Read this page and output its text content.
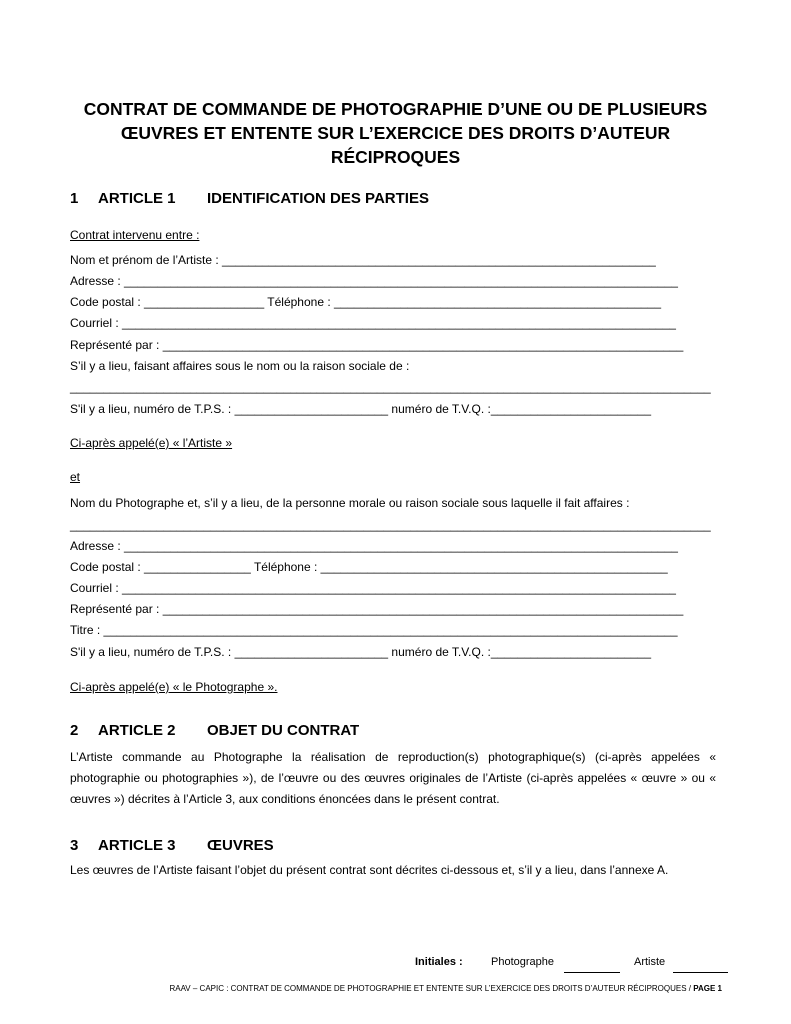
CONTRAT DE COMMANDE DE PHOTOGRAPHIE D’UNE OU DE PLUSIEURS
ŒUVRES ET ENTENTE SUR L’EXERCICE DES DROITS D’AUTEUR
RÉCIPROQUES
1 ARTICLE 1 IDENTIFICATION DES PARTIES
Contrat intervenu entre :
Nom et prénom de l’Artiste : _________________________________________________________________
Adresse : ___________________________________________________________________________________
Code postal : __________________ Téléphone : _________________________________________________
Courriel : ___________________________________________________________________________________
Représenté par : ______________________________________________________________________________
S’il y a lieu, faisant affaires sous le nom ou la raison sociale de :
________________________________________________________________________________________________
S'il y a lieu, numéro de T.P.S. : _______________________ numéro de T.V.Q. :________________________
Ci-après appelé(e) « l’Artiste »
et
Nom du Photographe et, s’il y a lieu, de la personne morale ou raison sociale sous laquelle il fait affaires :
________________________________________________________________________________________________
Adresse : ___________________________________________________________________________________
Code postal : ________________ Téléphone : ____________________________________________________
Courriel : ___________________________________________________________________________________
Représenté par : ______________________________________________________________________________
Titre : ______________________________________________________________________________________
S'il y a lieu, numéro de T.P.S. : _______________________ numéro de T.V.Q. :________________________
Ci-après appelé(e) « le Photographe ».
2 ARTICLE 2 OBJET DU CONTRAT
L’Artiste commande au Photographe la réalisation de reproduction(s) photographique(s) (ci-après appelées « photographie ou photographies »), de l’œuvre ou des œuvres originales de l’Artiste (ci-après appelées « œuvre » ou « œuvres ») décrites à l’Article 3, aux conditions énoncées dans le présent contrat.
3 ARTICLE 3 ŒUVRES
Les œuvres de l’Artiste faisant l’objet du présent contrat sont décrites ci-dessous et, s’il y a lieu, dans l’annexe A.
Initiales :	Photographe	Artiste
RAAV – CAPIC : CONTRAT DE COMMANDE DE PHOTOGRAPHIE ET ENTENTE SUR L’EXERCICE DES DROITS D’AUTEUR RÉCIPROQUES / PAGE 1
